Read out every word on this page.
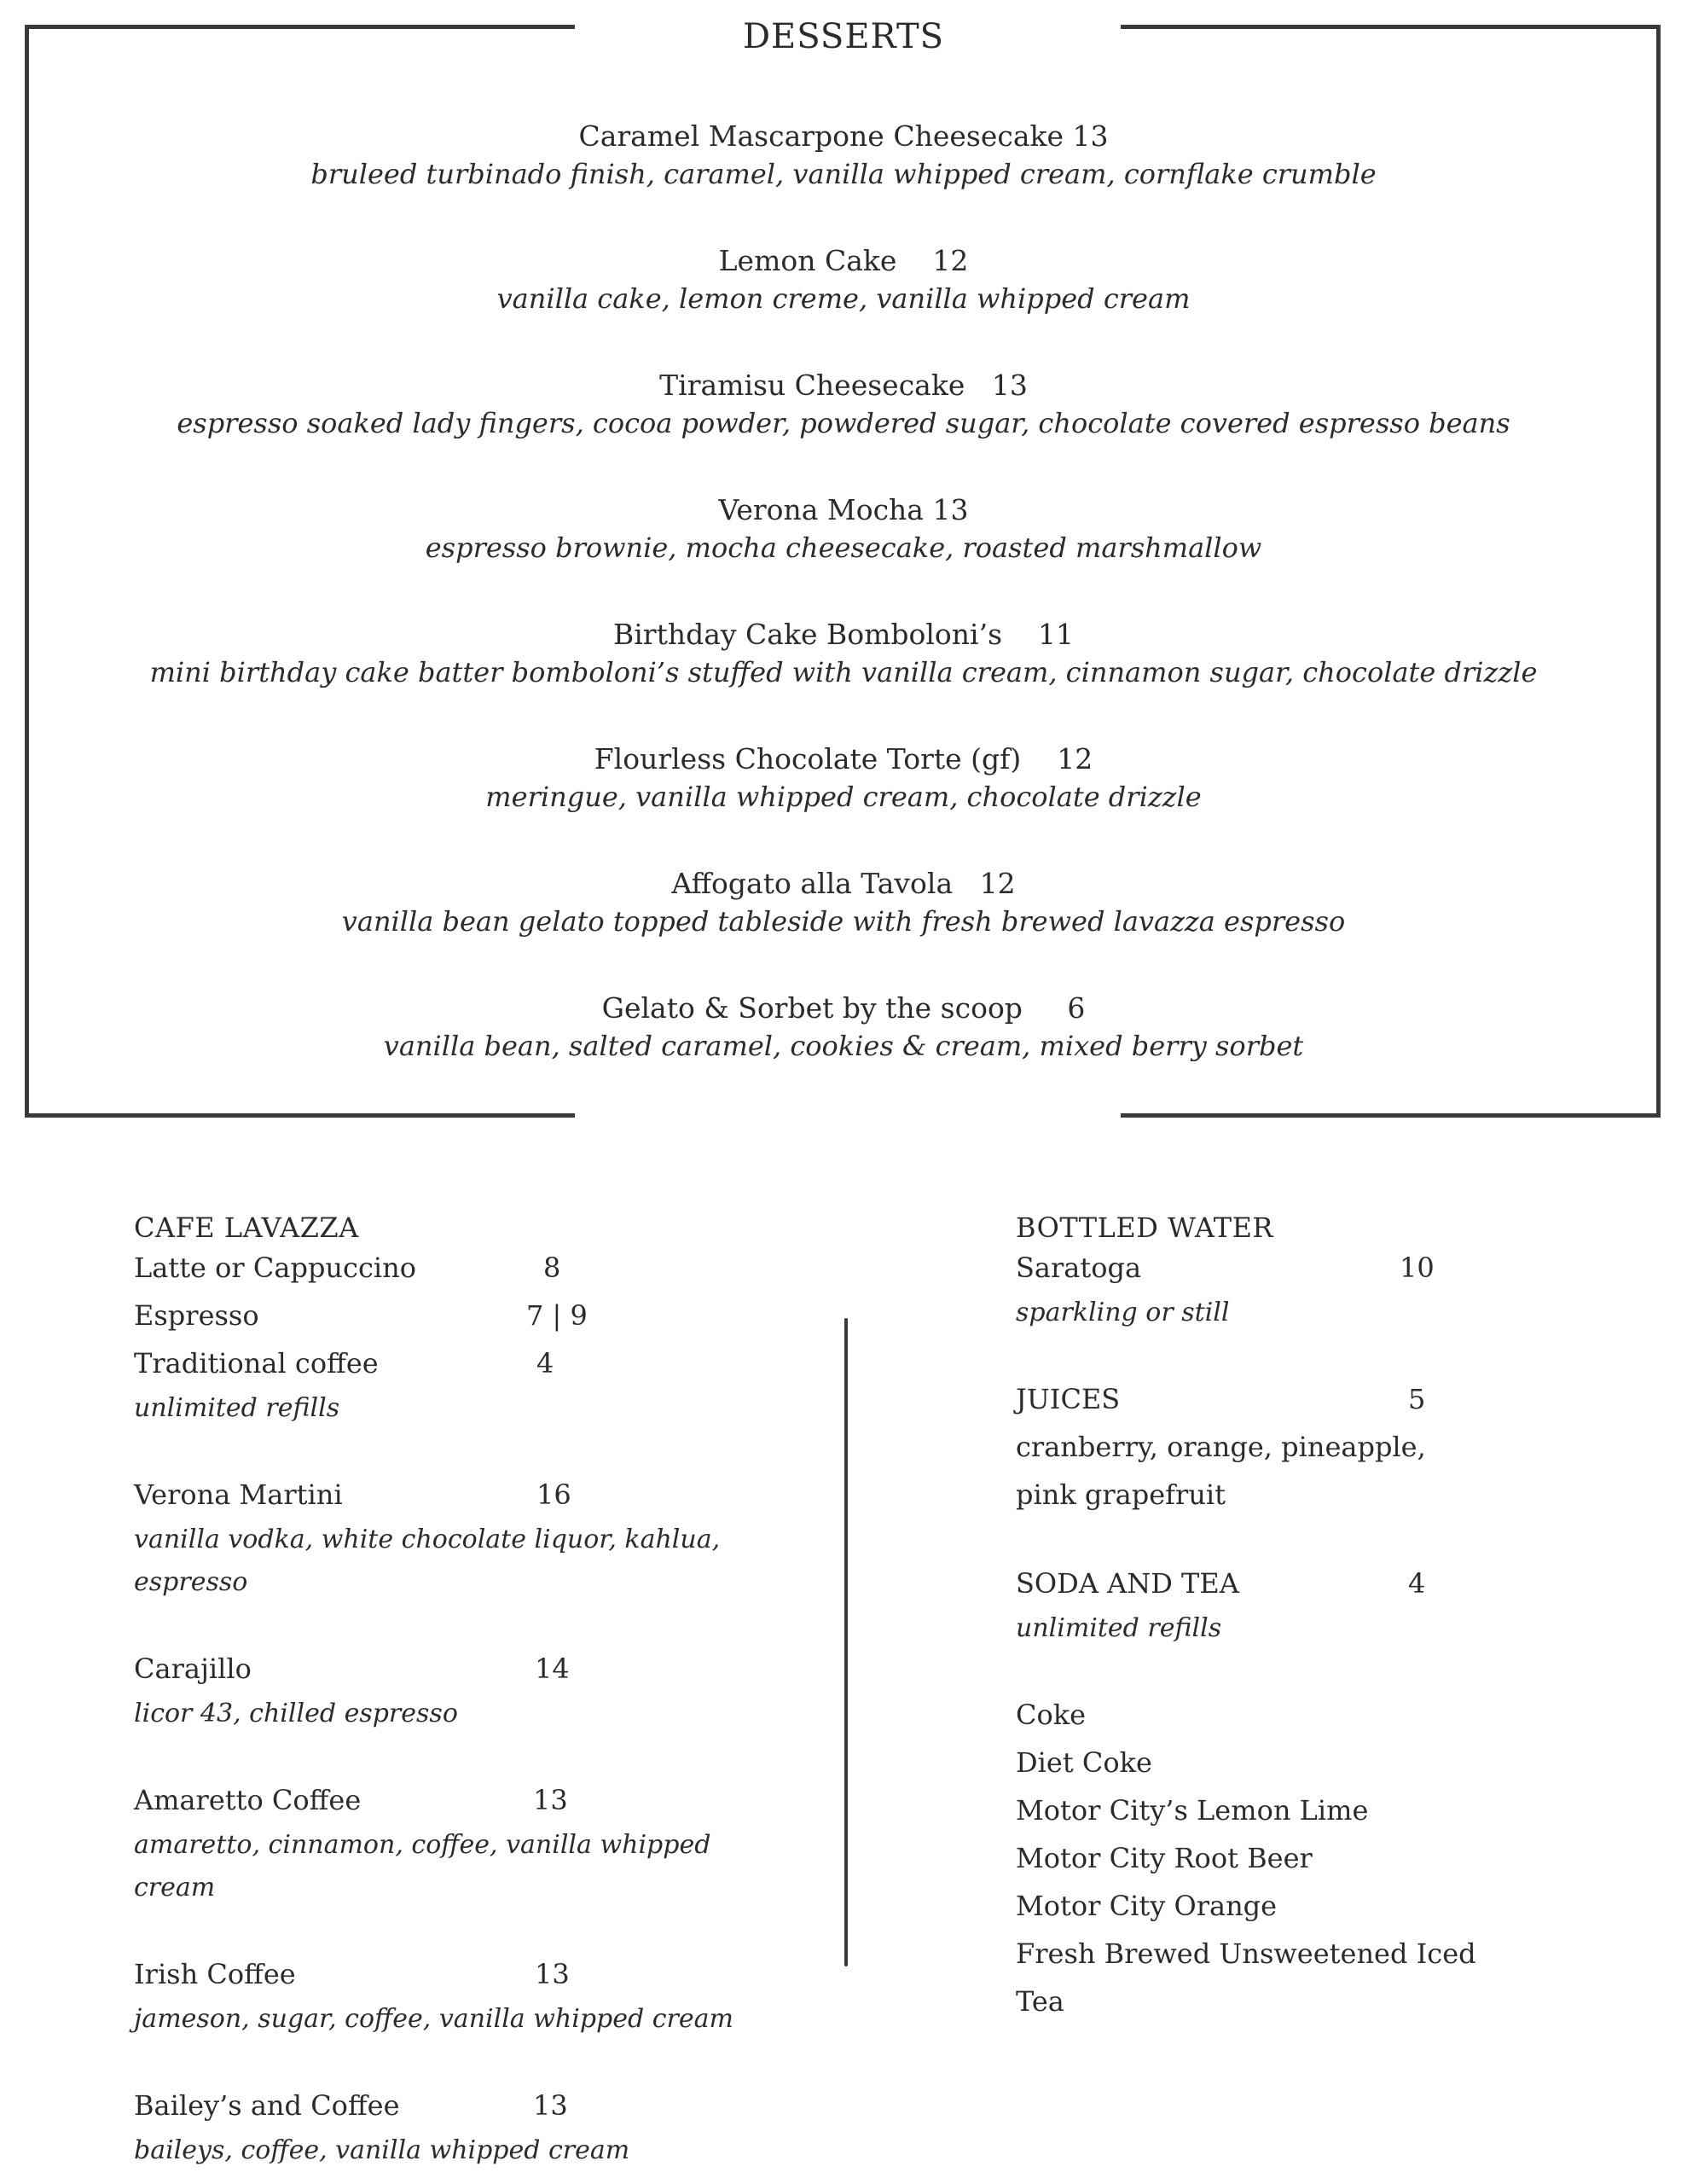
DESSERTS
Caramel Mascarpone Cheesecake 13
bruleed turbinado finish, caramel, vanilla whipped cream, cornflake crumble
Lemon Cake    12
vanilla cake, lemon creme, vanilla whipped cream
Tiramisu Cheesecake   13
espresso soaked lady fingers, cocoa powder, powdered sugar, chocolate covered espresso beans
Verona Mocha 13
espresso brownie, mocha cheesecake, roasted marshmallow
Birthday Cake Bomboloni’s    11
mini birthday cake batter bomboloni’s stuffed with vanilla cream, cinnamon sugar, chocolate drizzle
Flourless Chocolate Torte (gf)    12
meringue, vanilla whipped cream, chocolate drizzle
Affogato alla Tavola   12
vanilla bean gelato topped tableside with fresh brewed lavazza espresso
Gelato & Sorbet by the scoop     6
vanilla bean, salted caramel, cookies & cream, mixed berry sorbet
CAFE LAVAZZA
Latte or Cappuccino	8
Espresso	7 | 9
Traditional coffee	4
unlimited refills
Verona Martini	16
vanilla vodka, white chocolate liquor, kahlua, espresso
Carajillo	14
licor 43, chilled espresso
Amaretto Coffee	13
amaretto, cinnamon, coffee, vanilla whipped cream
Irish Coffee	13
jameson, sugar, coffee, vanilla whipped cream
Bailey’s and Coffee	13
baileys, coffee, vanilla whipped cream
BOTTLED WATER
Saratoga	10
sparkling or still
JUICES	5
cranberry, orange, pineapple,
pink grapefruit
SODA AND TEA	4
unlimited refills
Coke
Diet Coke
Motor City’s Lemon Lime
Motor City Root Beer
Motor City Orange
Fresh Brewed Unsweetened Iced Tea
